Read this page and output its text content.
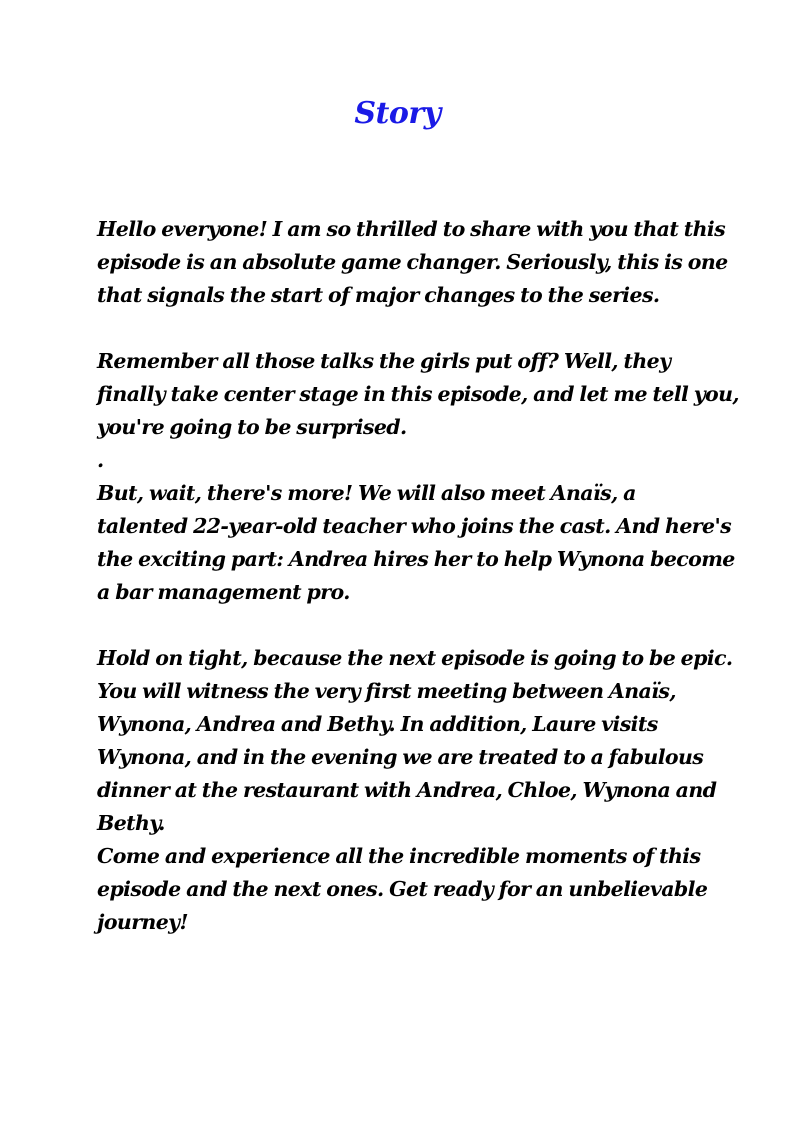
Story
Hello everyone! I am so thrilled to share with you that this
episode is an absolute game changer. Seriously, this is one
that signals the start of major changes to the series.
Remember all those talks the girls put off? Well, they
finally take center stage in this episode, and let me tell you,
you're going to be surprised.
.
But, wait, there's more! We will also meet Anaïs, a
talented 22-year-old teacher who joins the cast. And here's
the exciting part: Andrea hires her to help Wynona become
a bar management pro.
Hold on tight, because the next episode is going to be epic.
You will witness the very first meeting between Anaïs,
Wynona, Andrea and Bethy. In addition, Laure visits
Wynona, and in the evening we are treated to a fabulous
dinner at the restaurant with Andrea, Chloe, Wynona and
Bethy.
Come and experience all the incredible moments of this
episode and the next ones. Get ready for an unbelievable
journey!
